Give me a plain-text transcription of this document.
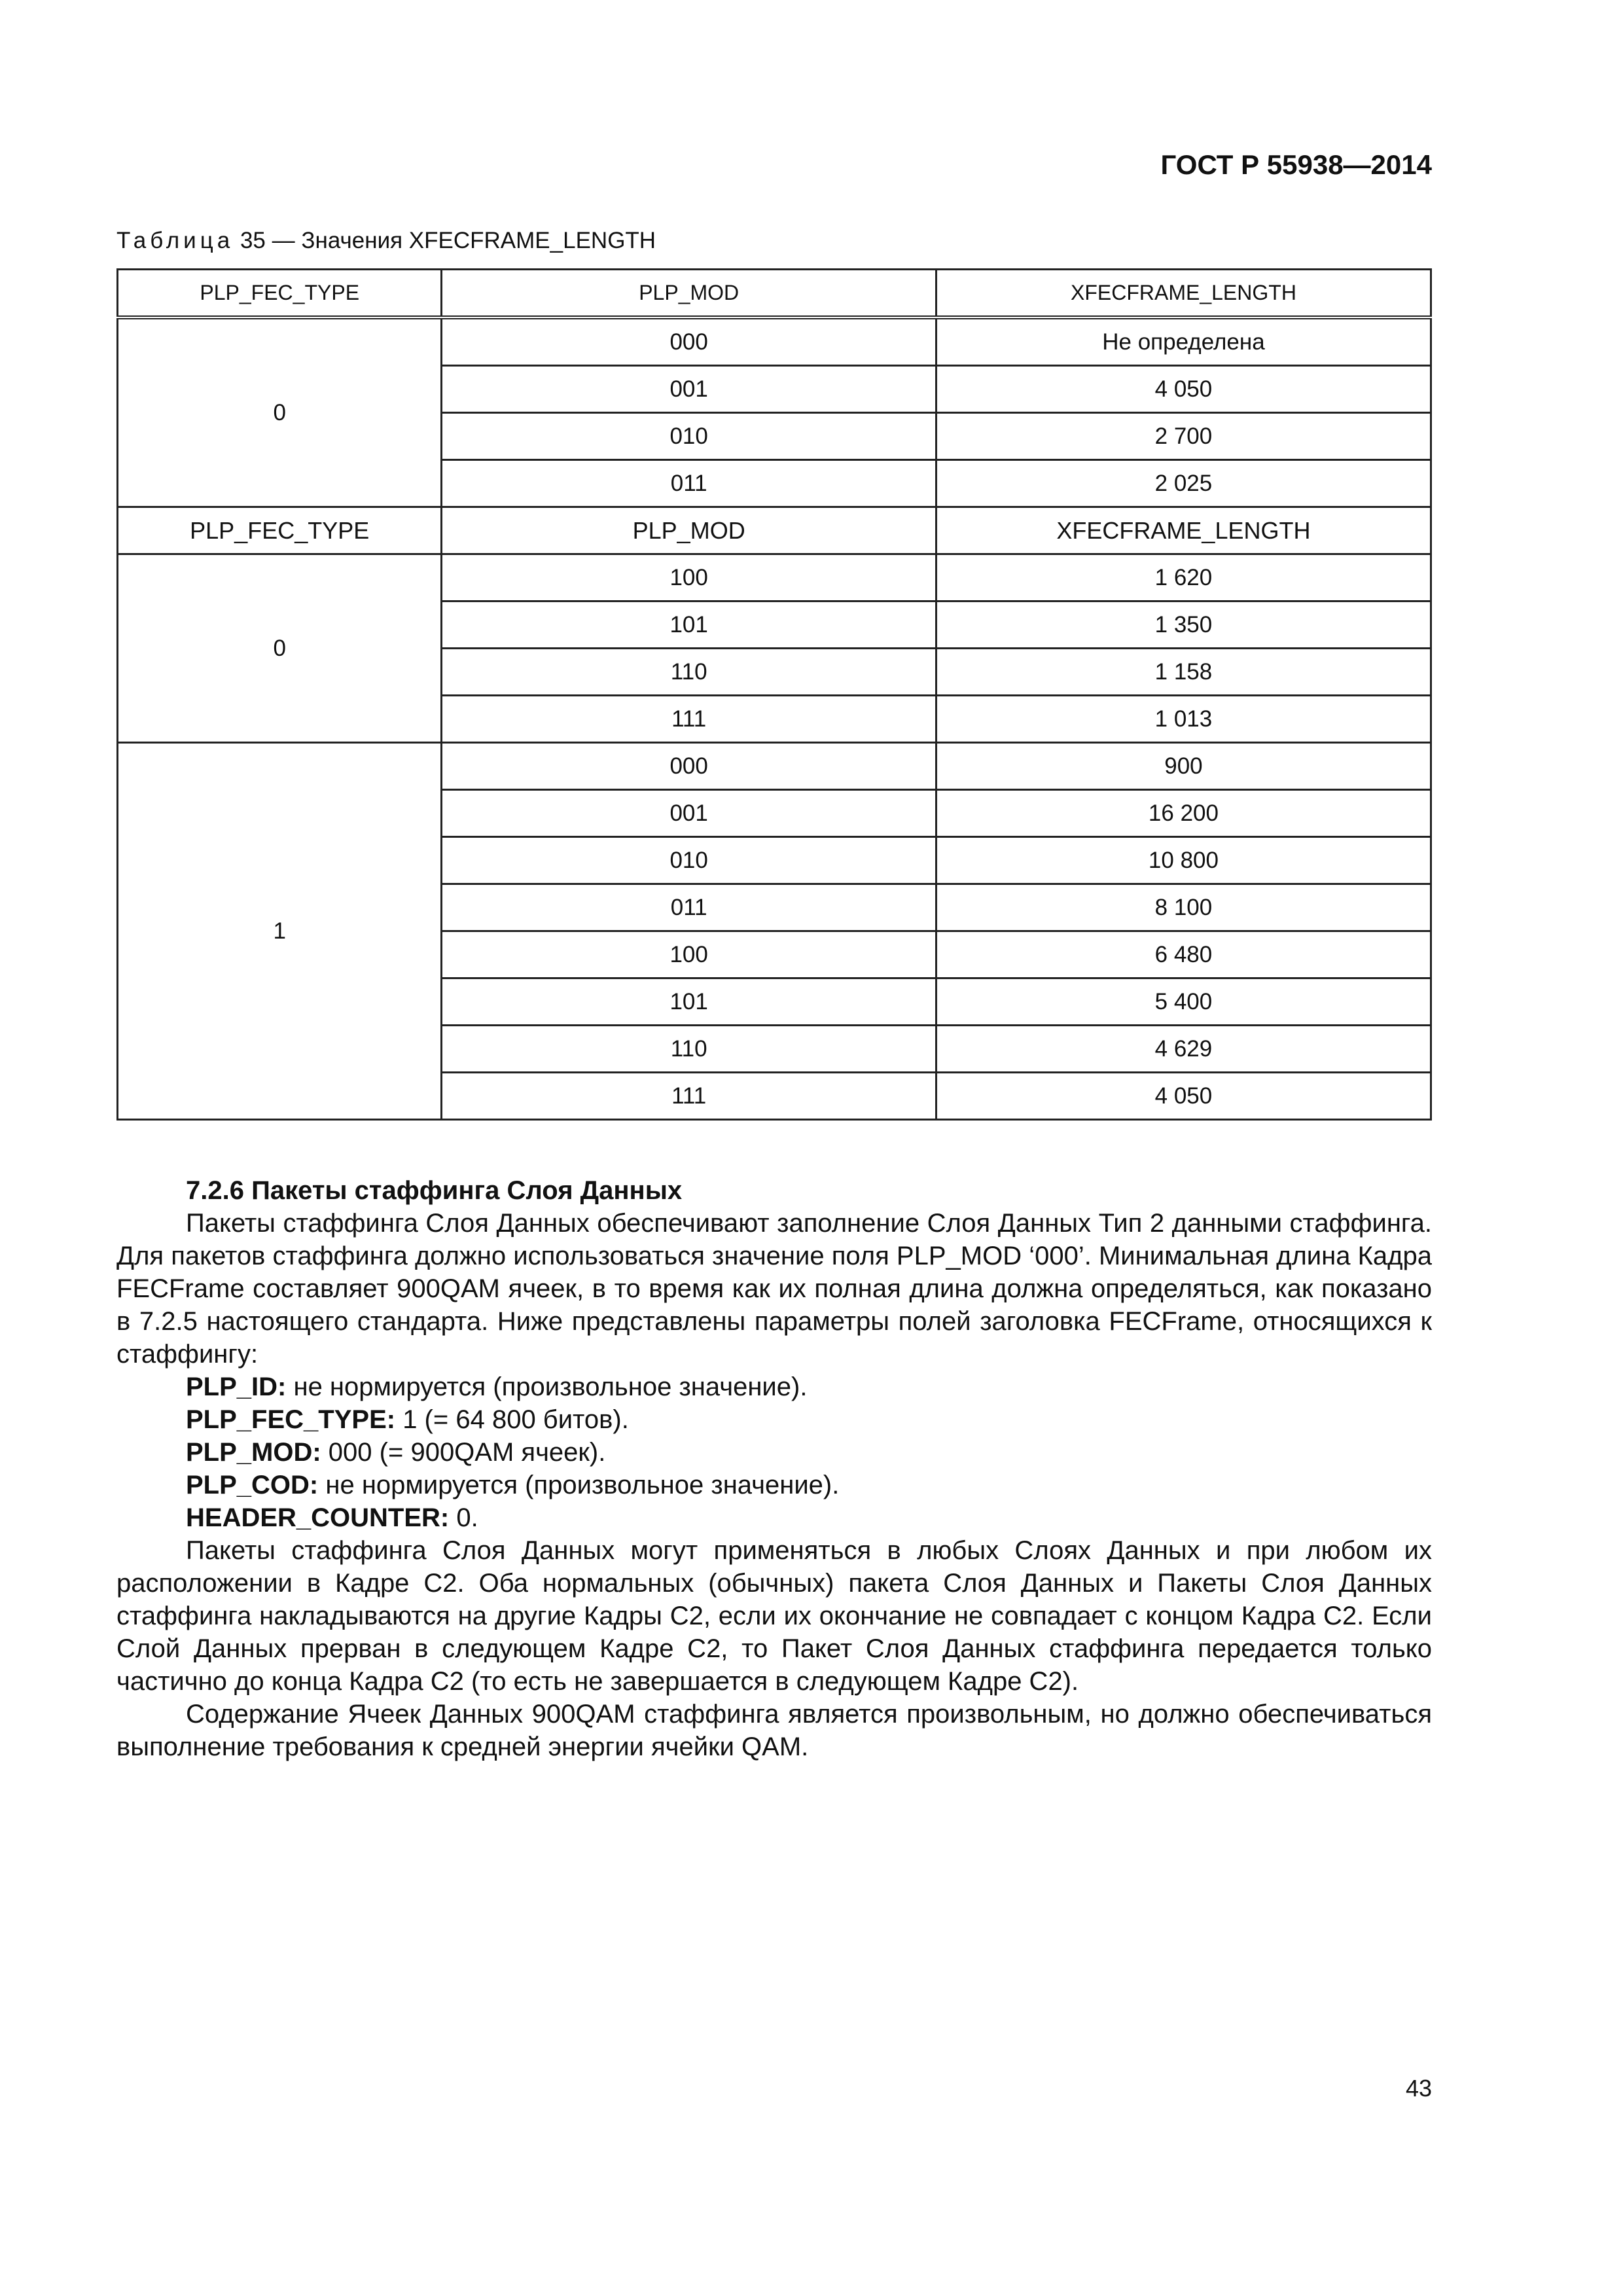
ГОСТ Р 55938—2014
Таблица 35 — Значения XFECFRAME_LENGTH
PLP_FEC_TYPE	PLP_MOD	XFECFRAME_LENGTH
0	000	Не определена
	001	4 050
	010	2 700
	011	2 025
PLP_FEC_TYPE	PLP_MOD	XFECFRAME_LENGTH
0	100	1 620
	101	1 350
	110	1 158
	111	1 013
1	000	900
	001	16 200
	010	10 800
	011	8 100
	100	6 480
	101	5 400
	110	4 629
	111	4 050
7.2.6 Пакеты стаффинга Слоя Данных

Пакеты стаффинга Слоя Данных обеспечивают заполнение Слоя Данных Тип 2 данными стаффинга. Для пакетов стаффинга должно использоваться значение поля PLP_MOD ‘000’. Минимальная длина Кадра FECFrame составляет 900QAM ячеек, в то время как их полная длина должна определяться, как показано в 7.2.5 настоящего стандарта. Ниже представлены параметры полей заголовка FECFrame, относящихся к стаффингу:

PLP_ID: не нормируется (произвольное значение).

PLP_FEC_TYPE: 1 (= 64 800 битов).

PLP_MOD: 000 (= 900QAM ячеек).

PLP_COD: не нормируется (произвольное значение).

HEADER_COUNTER: 0.

Пакеты стаффинга Слоя Данных могут применяться в любых Слоях Данных и при любом их расположении в Кадре С2. Оба нормальных (обычных) пакета Слоя Данных и Пакеты Слоя Данных стаффинга накладываются на другие Кадры С2, если их окончание не совпадает с концом Кадра С2. Если Слой Данных прерван в следующем Кадре С2, то Пакет Слоя Данных стаффинга передается только частично до конца Кадра С2 (то есть не завершается в следующем Кадре С2).

Содержание Ячеек Данных 900QAM стаффинга является произвольным, но должно обеспечиваться выполнение требования к средней энергии ячейки QAM.

43
